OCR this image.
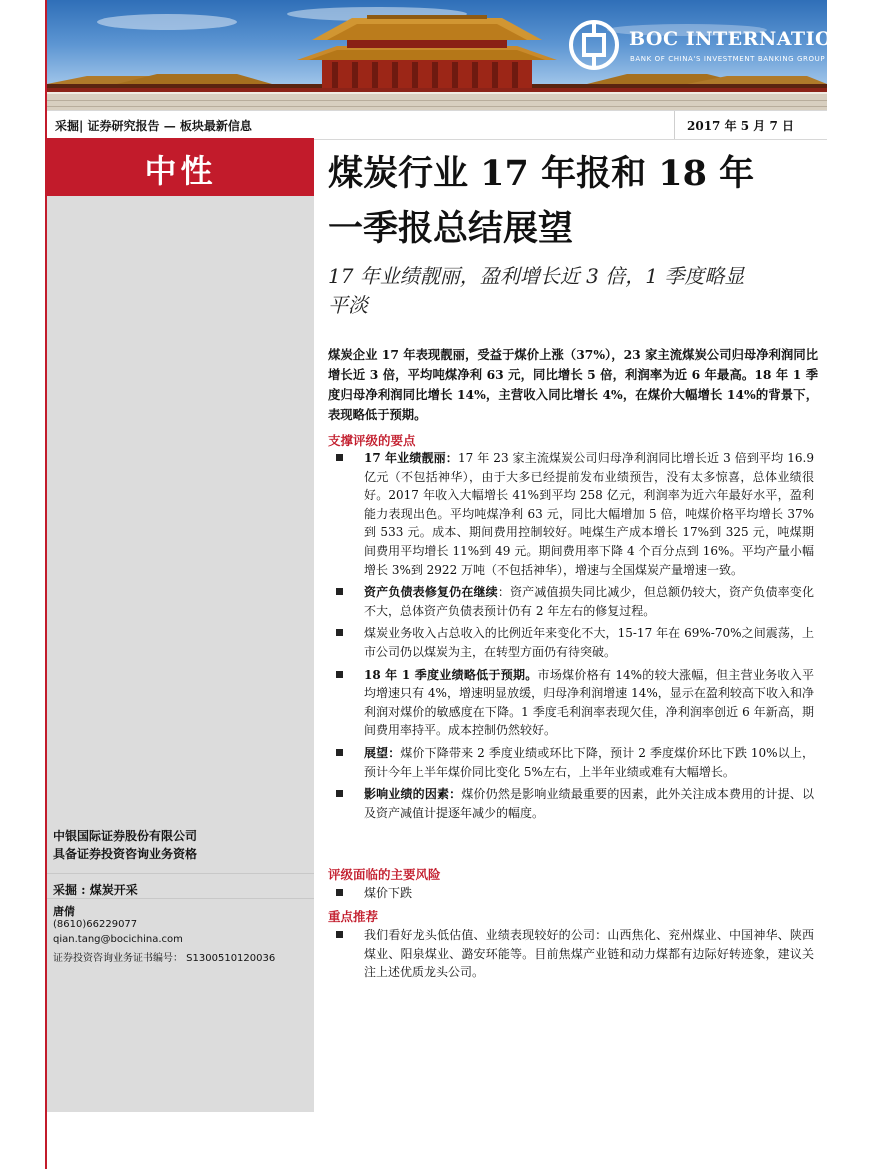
BOC INTERNATIONAL
BANK OF CHINA'S INVESTMENT BANKING GROUP
采掘| 证券研究报告 — 板块最新信息	2017 年 5 月 7 日
中性
中银国际证券股份有限公司
具备证券投资咨询业务资格
采掘 : 煤炭开采
唐倩
(8610)66229077
qian.tang@bocichina.com
证券投资咨询业务证书编号： S1300510120036
煤炭行业 17 年报和 18 年
一季报总结展望
17 年业绩靓丽，盈利增长近 3 倍，1 季度略显
平淡
煤炭企业 17 年表现靓丽，受益于煤价上涨（37%），23 家主流煤炭公司归母净利润同比增长近 3 倍，平均吨煤净利 63 元，同比增长 5 倍，利润率为近 6 年最高。18 年 1 季度归母净利润同比增长 14%，主营收入同比增长 4%，在煤价大幅增长 14%的背景下，表现略低于预期。
支撑评级的要点
17 年业绩靓丽：17 年 23 家主流煤炭公司归母净利润同比增长近 3 倍到平均 16.9 亿元（不包括神华），由于大多已经提前发布业绩预告，没有太多惊喜，总体业绩很好。2017 年收入大幅增长 41%到平均 258 亿元，利润率为近六年最好水平，盈利能力表现出色。平均吨煤净利 63 元，同比大幅增加 5 倍，吨煤价格平均增长 37%到 533 元。成本、期间费用控制较好。吨煤生产成本增长 17%到 325 元，吨煤期间费用平均增长 11%到 49 元。期间费用率下降 4 个百分点到 16%。平均产量小幅增长 3%到 2922 万吨（不包括神华），增速与全国煤炭产量增速一致。
资产负债表修复仍在继续：资产减值损失同比减少，但总额仍较大，资产负债率变化不大，总体资产负债表预计仍有 2 年左右的修复过程。
煤炭业务收入占总收入的比例近年来变化不大，15-17 年在 69%-70%之间震荡，上市公司仍以煤炭为主，在转型方面仍有待突破。
18 年 1 季度业绩略低于预期。市场煤价格有 14%的较大涨幅，但主营业务收入平均增速只有 4%，增速明显放缓，归母净利润增速 14%，显示在盈利较高下收入和净利润对煤价的敏感度在下降。1 季度毛利润率表现欠佳，净利润率创近 6 年新高，期间费用率持平。成本控制仍然较好。
展望：煤价下降带来 2 季度业绩或环比下降，预计 2 季度煤价环比下跌 10%以上，预计今年上半年煤价同比变化 5%左右，上半年业绩或难有大幅增长。
影响业绩的因素：煤价仍然是影响业绩最重要的因素，此外关注成本费用的计提、以及资产减值计提逐年减少的幅度。
评级面临的主要风险
煤价下跌
重点推荐
我们看好龙头低估值、业绩表现较好的公司：山西焦化、兖州煤业、中国神华、陕西煤业、阳泉煤业、潞安环能等。目前焦煤产业链和动力煤都有边际好转迹象，建议关注上述优质龙头公司。
